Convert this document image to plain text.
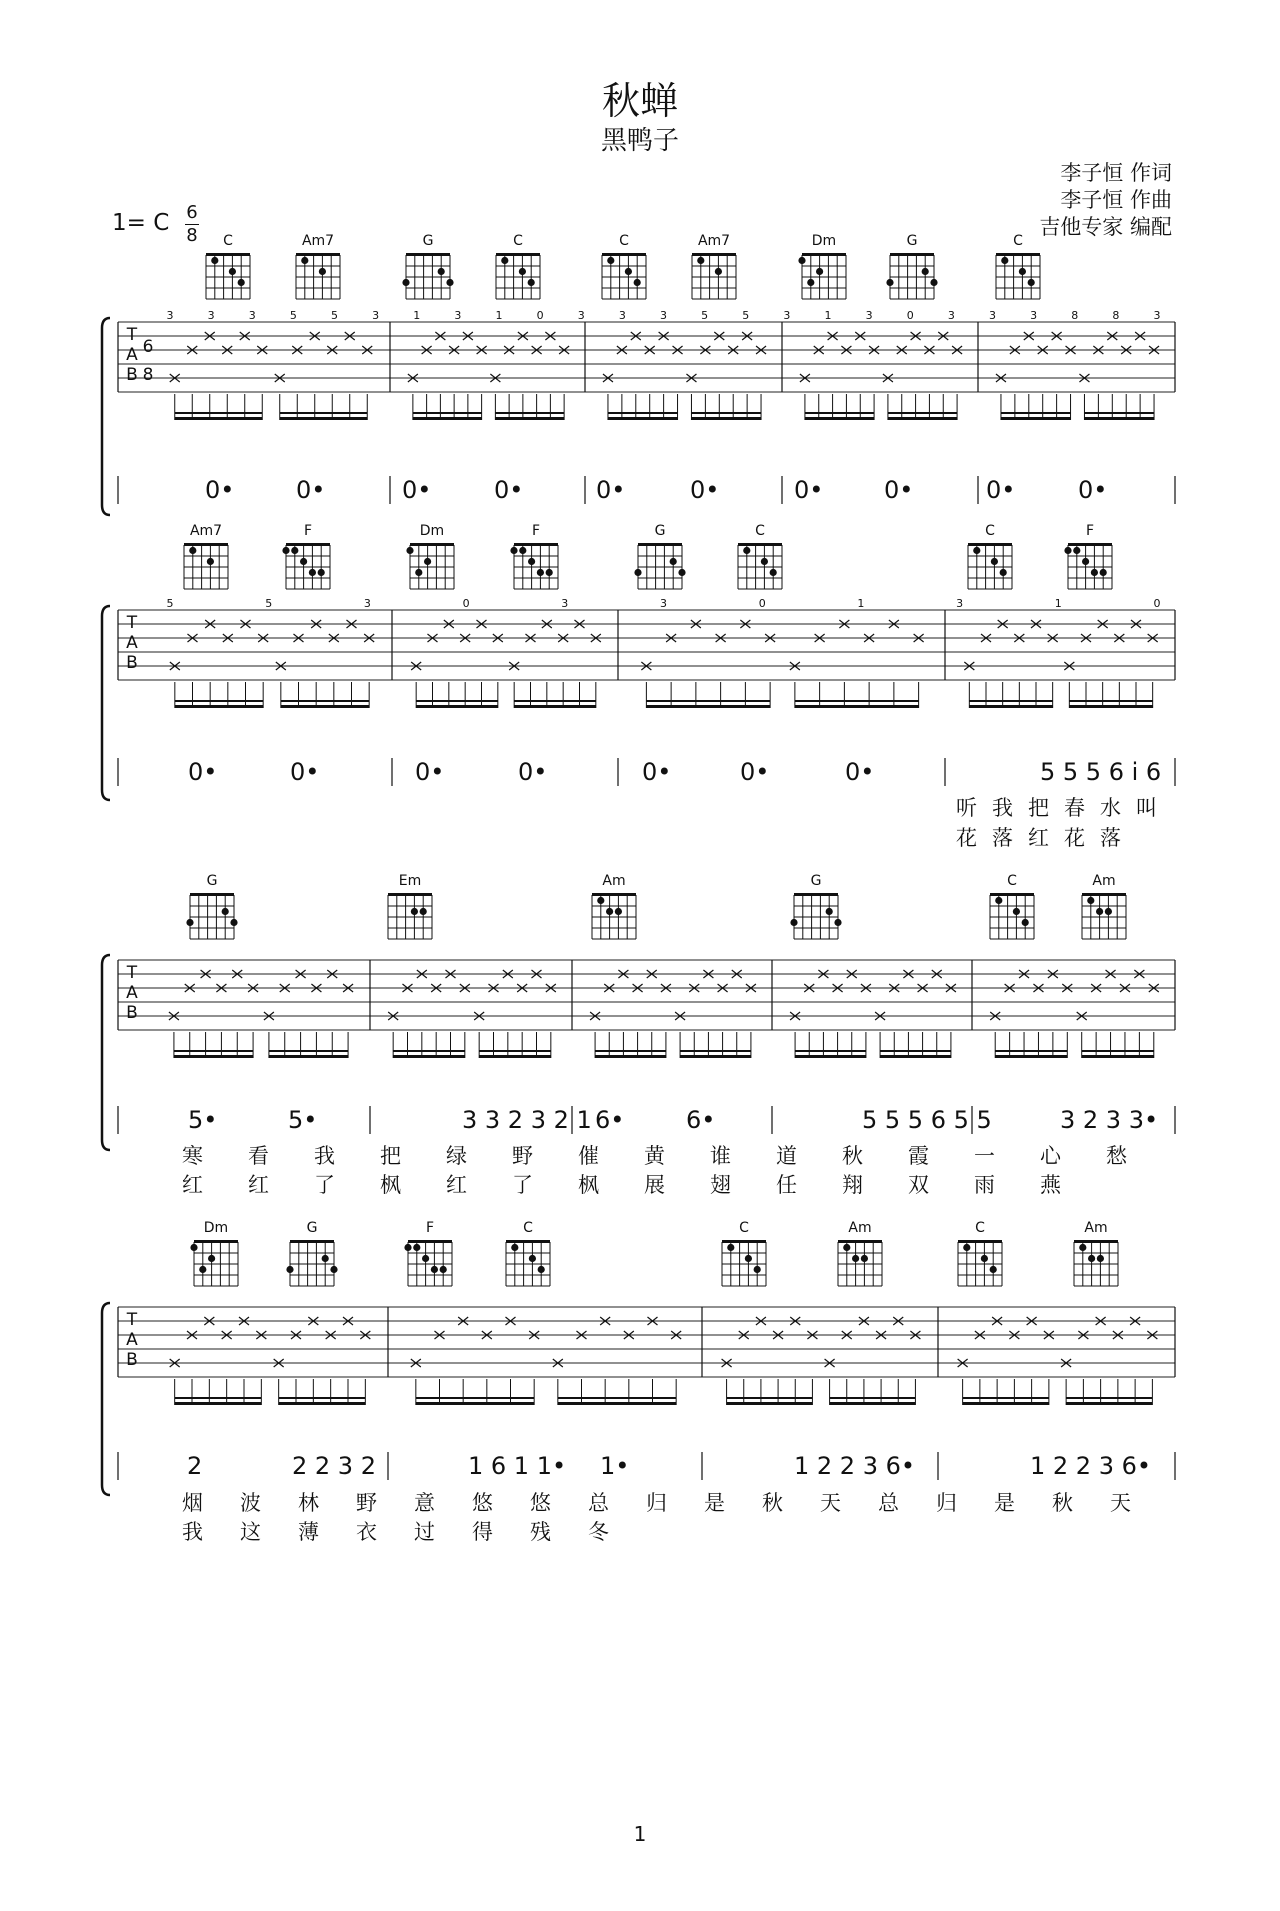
秋蝉
黑鸭子
李子恒 作词
李子恒 作曲
吉他专家 编配
1= C 6
8
T
A
B
6
8
3	3	3	5	5	3	1	3	1	0	3	3	3	5	5	3	1	3	0	3	3	3	8	8	3
C	Am7	G	C	C	Am7	Dm	G	C
0•	0•	0•	0•	0•	0•	0•	0•	0•	0•
T
A
B
5	5	3	0	3	3	0	1	3	1	0
Am7	F	Dm	F	G	C	C	F
0•	0•	0•	0•	0•	0•	0•	5 5 5 6 i 6
听 我 把 春 水 叫
花 落 红 花 落
T
A
B
G	Em	Am	G	C	Am
5•	5•	3 3 2 3 2 1 6•	6•	5 5 5 6 5 5	3 2 3 3•
寒 看 我 把 绿 野 催 黄 谁 道 秋 霞 一 心 愁
红 红 了 枫 红 了 枫 展 翅 任 翔 双 雨 燕
T
A
B
Dm	G	F	C	C	Am	C	Am
2	2 2 3 2	1 6 1 1• 1•	1 2 2 3 6•	1 2 2 3 6•
烟 波 林 野 意 悠 悠 总 归 是 秋 天 总 归 是 秋 天
我 这 薄 衣 过 得 残 冬
1
